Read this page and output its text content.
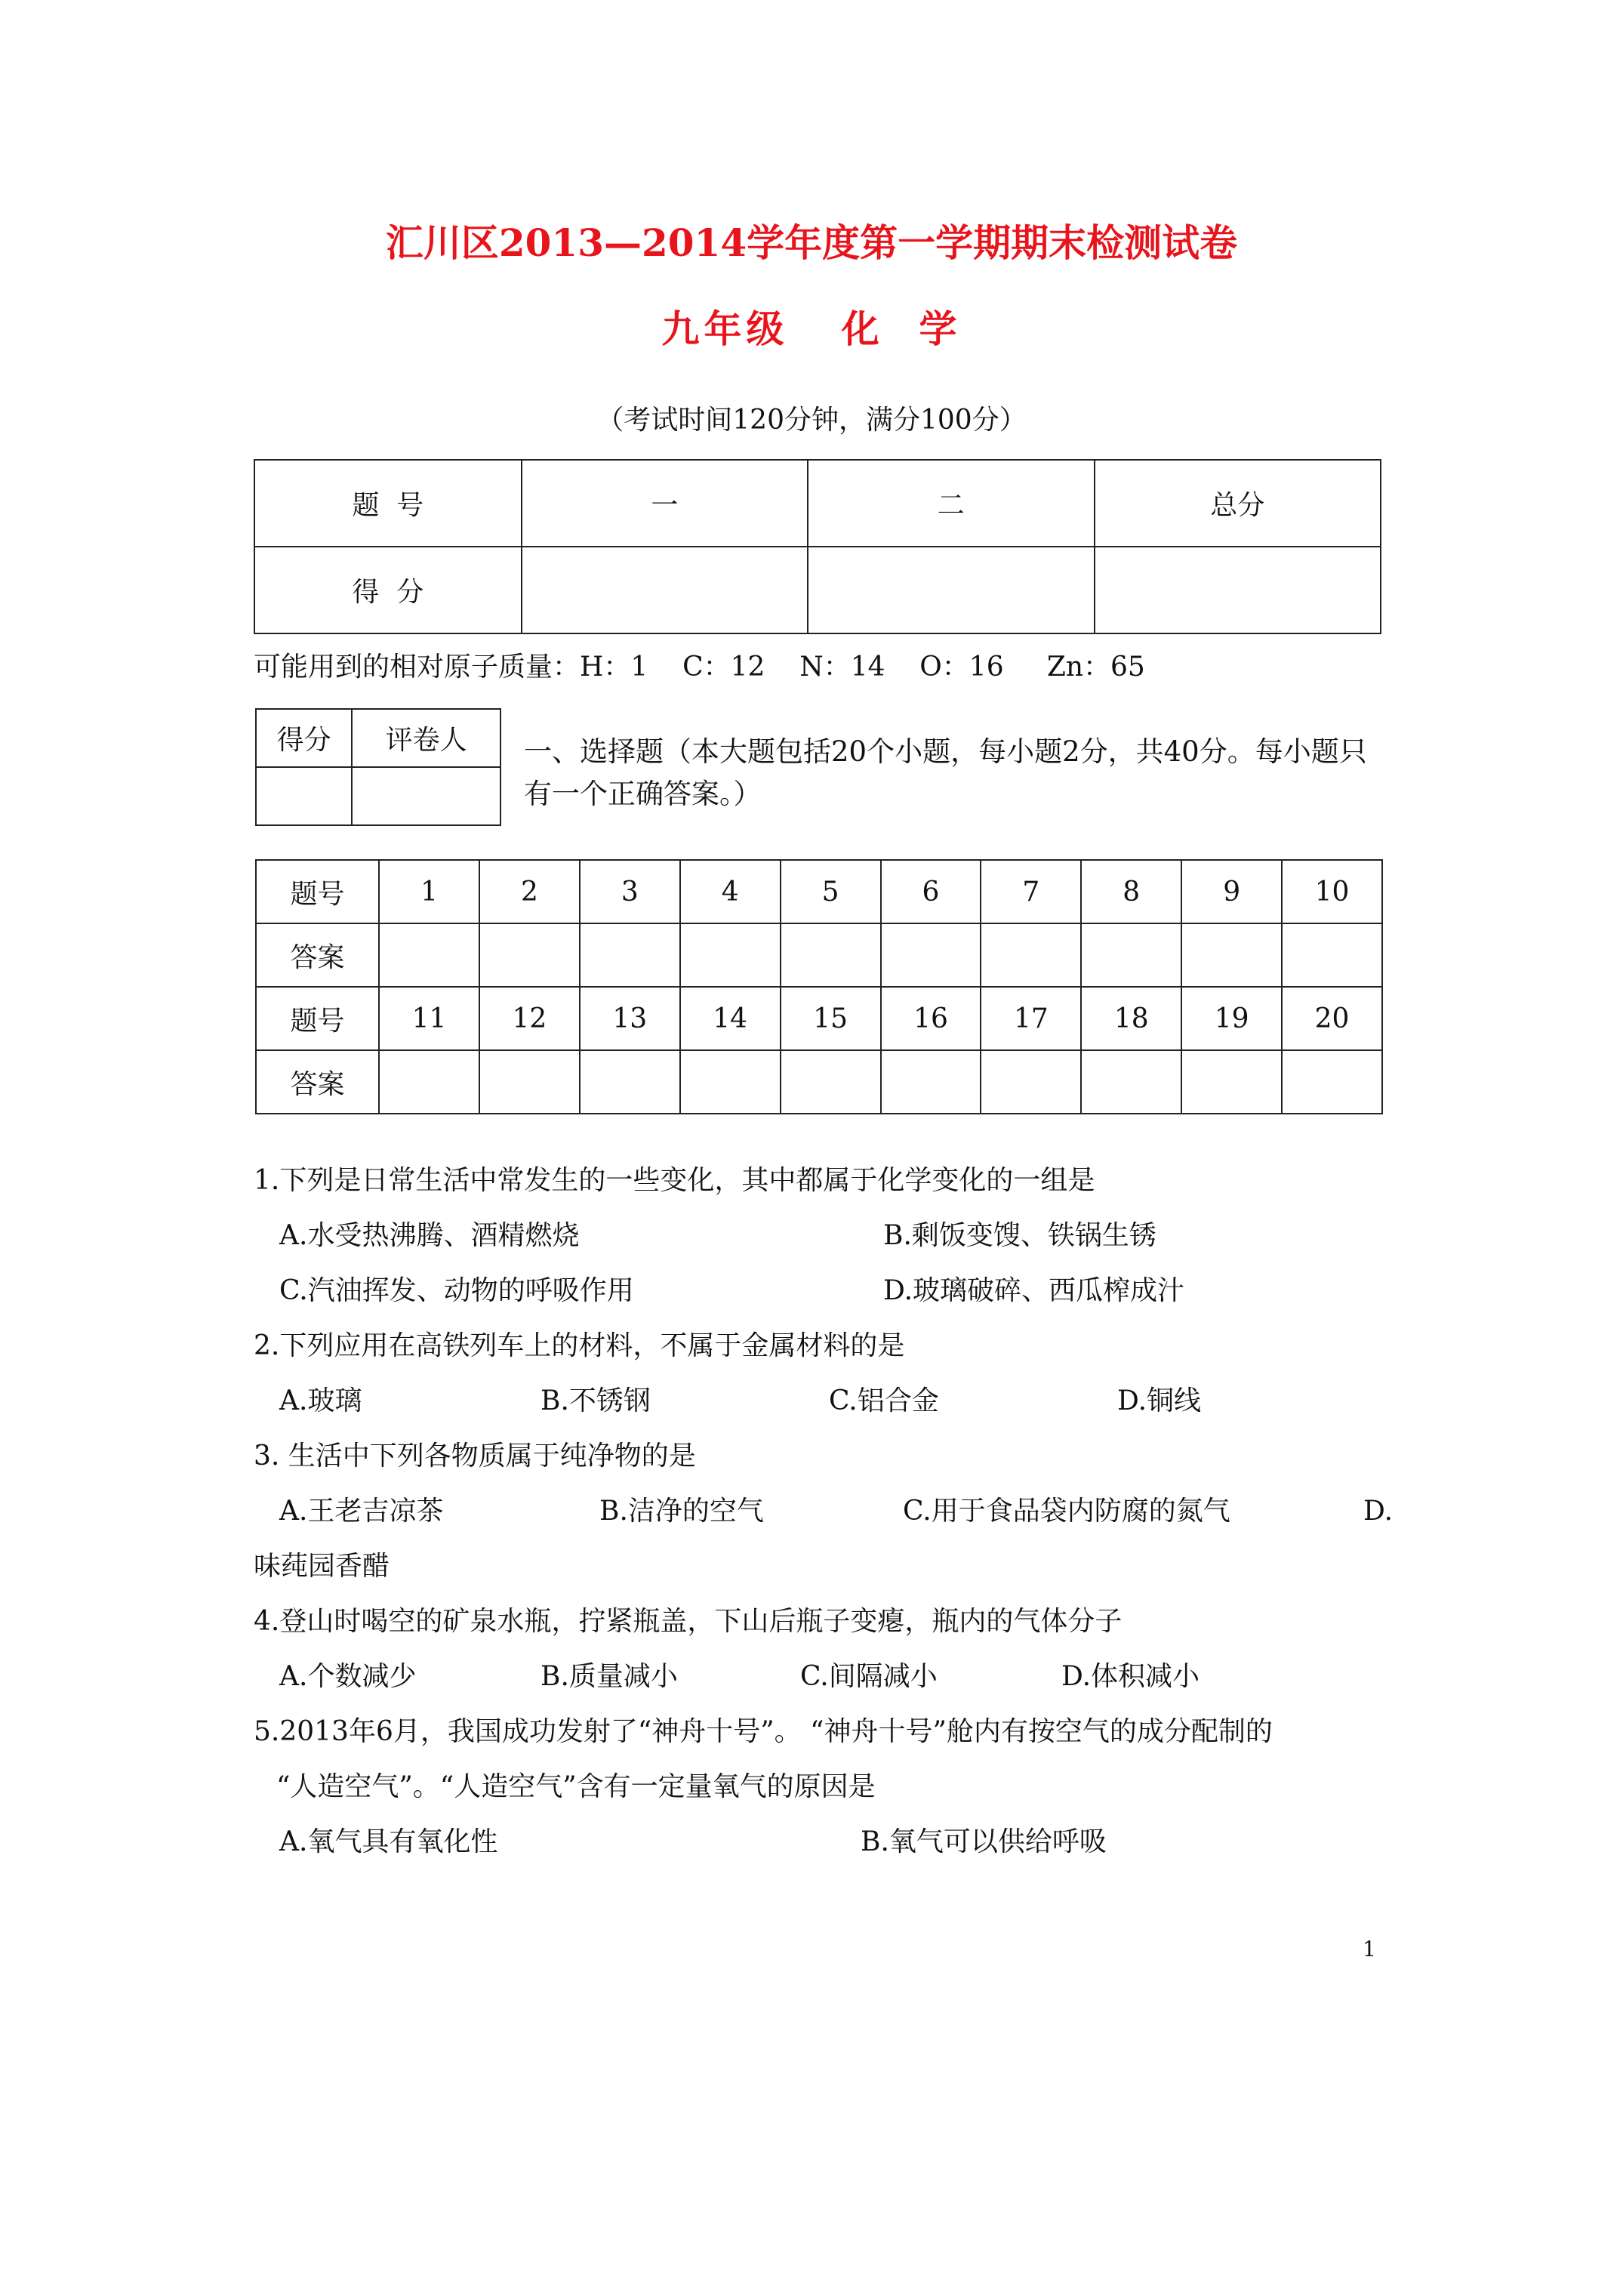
汇川区2013—2014学年度第一学期期末检测试卷
九年级   化  学
（考试时间120分钟，满分100分）
题  号	一	二	总分
得  分			
可能用到的相对原子质量：H：1    C：12    N：14    O：16     Zn：65
得分	评卷人
	一、选择题（本大题包括20个小题，每小题2分，共40分。每小题只有一个正确答案。）
题号	1	2	3	4	5	6	7	8	9	10
答案										
题号	11	12	13	14	15	16	17	18	19	20
答案										
1.下列是日常生活中常发生的一些变化，其中都属于化学变化的一组是
A.水受热沸腾、酒精燃烧	B.剩饭变馊、铁锅生锈
C.汽油挥发、动物的呼吸作用	D.玻璃破碎、西瓜榨成汁
2.下列应用在高铁列车上的材料，不属于金属材料的是
A.玻璃	B.不锈钢	C.铝合金	D.铜线
3. 生活中下列各物质属于纯净物的是
A.王老吉凉茶	B.洁净的空气	C.用于食品袋内防腐的氮气	D.
味莼园香醋
4.登山时喝空的矿泉水瓶，拧紧瓶盖，下山后瓶子变瘪，瓶内的气体分子
A.个数减少	B.质量减小	C.间隔减小	D.体积减小
5.2013年6月，我国成功发射了“神舟十号”。 “神舟十号”舱内有按空气的成分配制的
“人造空气”。“人造空气”含有一定量氧气的原因是
A.氧气具有氧化性	B.氧气可以供给呼吸
1
